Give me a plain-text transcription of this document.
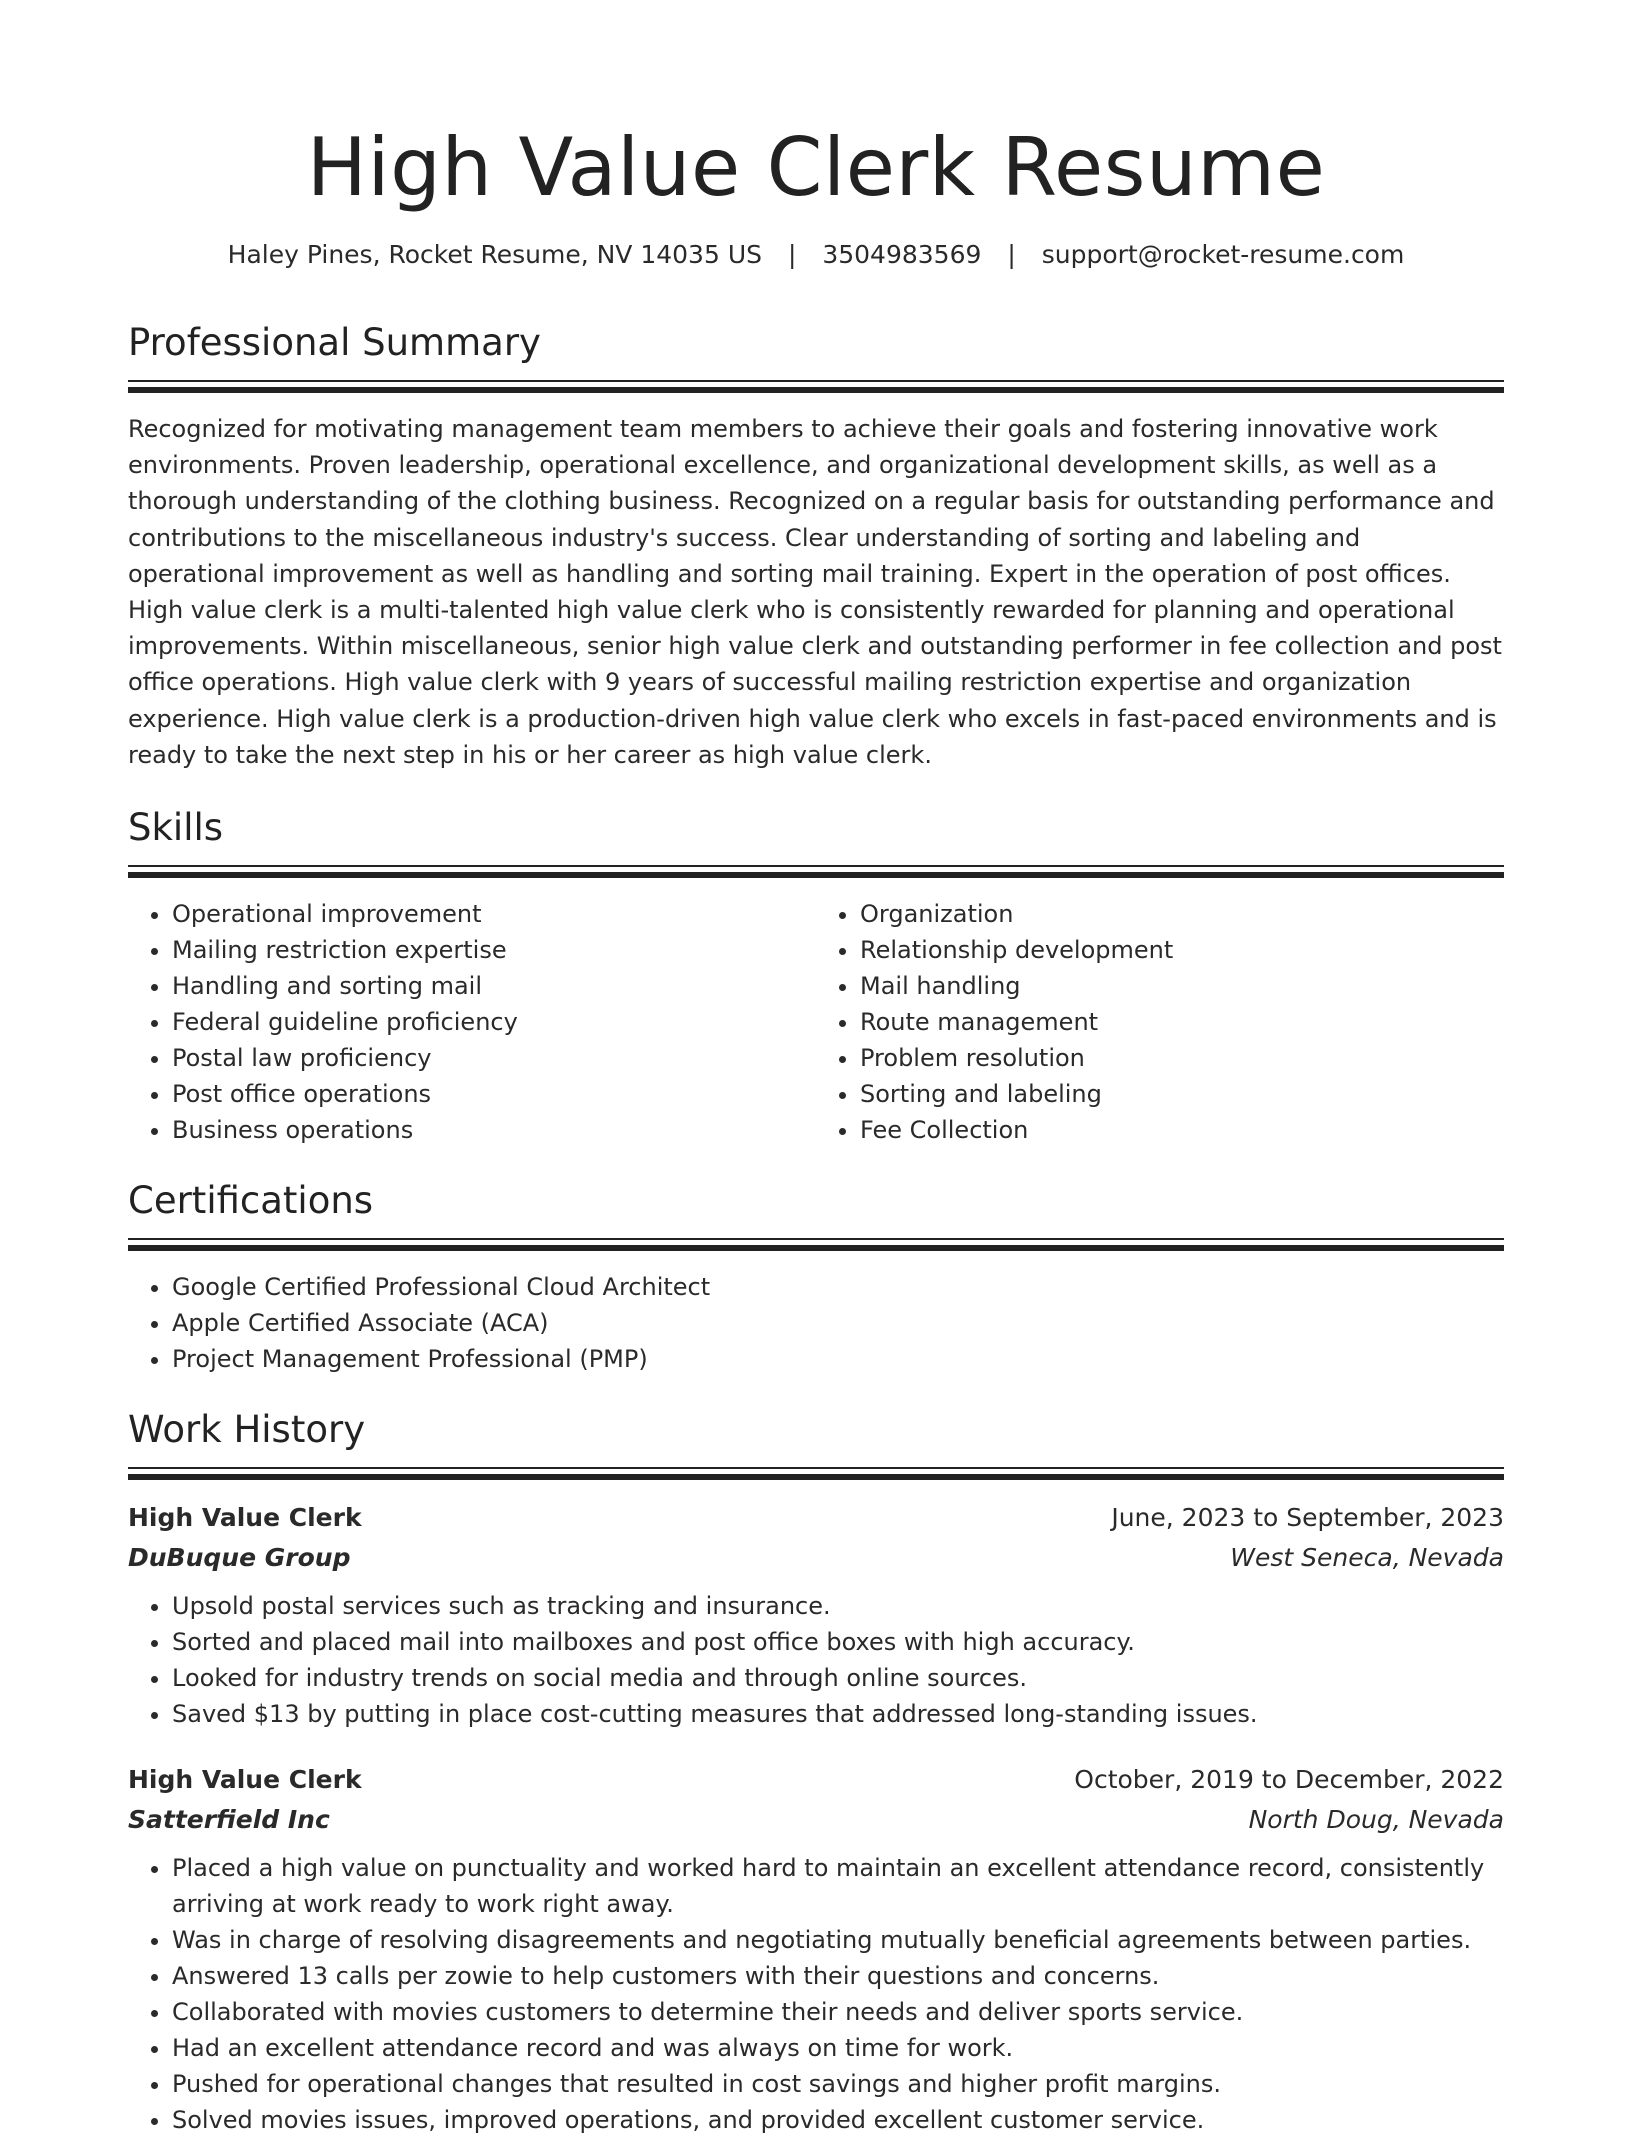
High Value Clerk Resume
Haley Pines, Rocket Resume, NV 14035 US | 3504983569 | support@rocket-resume.com
Professional Summary

Recognized for motivating management team members to achieve their goals and fostering innovative work environments. Proven leadership, operational excellence, and organizational development skills, as well as a thorough understanding of the clothing business. Recognized on a regular basis for outstanding performance and contributions to the miscellaneous industry's success. Clear understanding of sorting and labeling and operational improvement as well as handling and sorting mail training. Expert in the operation of post offices. High value clerk is a multi-talented high value clerk who is consistently rewarded for planning and operational improvements. Within miscellaneous, senior high value clerk and outstanding performer in fee collection and post office operations. High value clerk with 9 years of successful mailing restriction expertise and organization experience. High value clerk is a production-driven high value clerk who excels in fast-paced environments and is ready to take the next step in his or her career as high value clerk.

Skills
• Operational improvement
• Mailing restriction expertise
• Handling and sorting mail
• Federal guideline proficiency
• Postal law proficiency
• Post office operations
• Business operations
• Organization
• Relationship development
• Mail handling
• Route management
• Problem resolution
• Sorting and labeling
• Fee Collection
Certifications
• Google Certified Professional Cloud Architect
• Apple Certified Associate (ACA)
• Project Management Professional (PMP)
Work History
High Value Clerk	June, 2023 to September, 2023
DuBuque Group	West Seneca, Nevada
• Upsold postal services such as tracking and insurance.
• Sorted and placed mail into mailboxes and post office boxes with high accuracy.
• Looked for industry trends on social media and through online sources.
• Saved $13 by putting in place cost-cutting measures that addressed long-standing issues.
High Value Clerk	October, 2019 to December, 2022
Satterfield Inc	North Doug, Nevada
• Placed a high value on punctuality and worked hard to maintain an excellent attendance record, consistently arriving at work ready to work right away.
• Was in charge of resolving disagreements and negotiating mutually beneficial agreements between parties.
• Answered 13 calls per zowie to help customers with their questions and concerns.
• Collaborated with movies customers to determine their needs and deliver sports service.
• Had an excellent attendance record and was always on time for work.
• Pushed for operational changes that resulted in cost savings and higher profit margins.
• Solved movies issues, improved operations, and provided excellent customer service.
